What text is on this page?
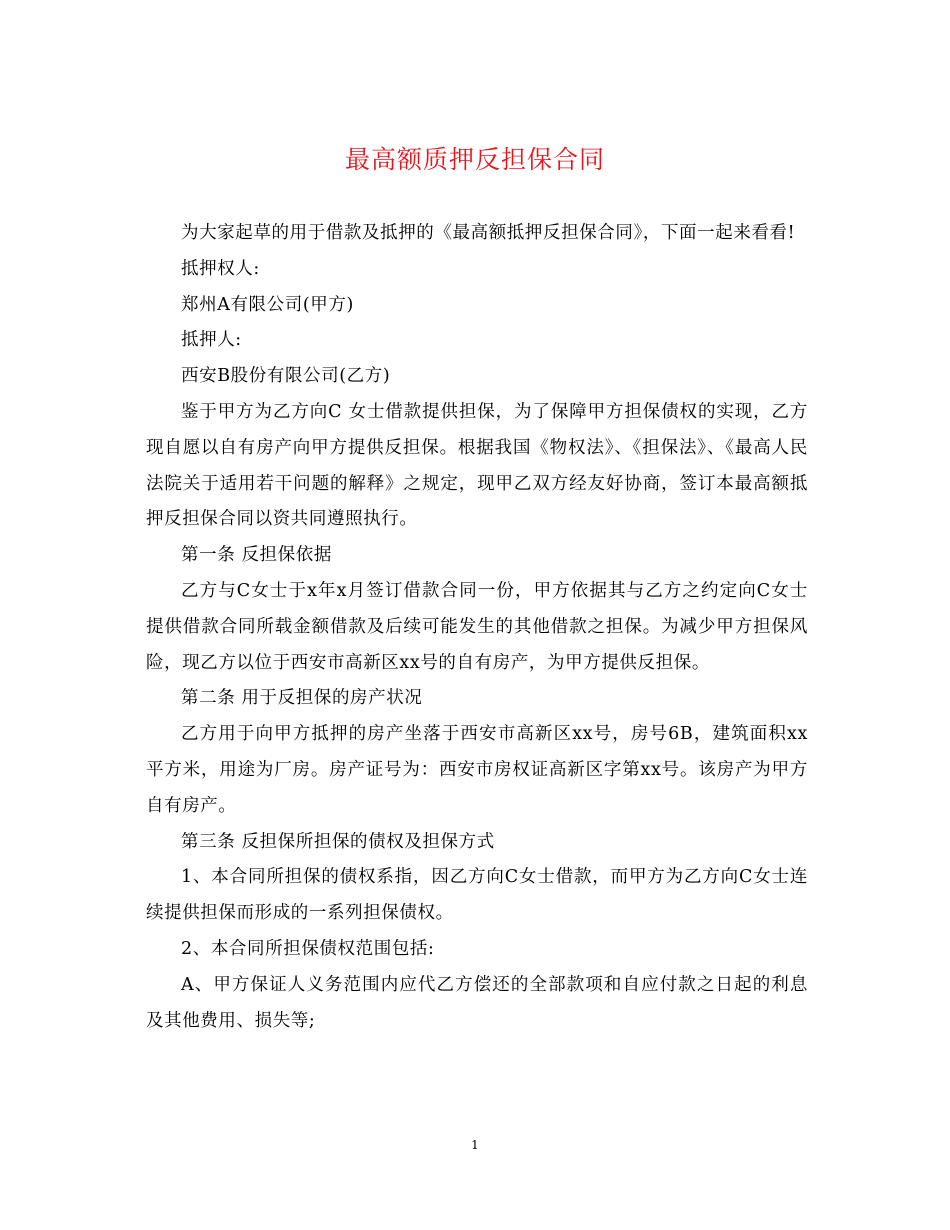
最高额质押反担保合同

为大家起草的用于借款及抵押的《最高额抵押反担保合同》，下面一起来看看!

抵押权人:

郑州A有限公司(甲方)

抵押人:

西安B股份有限公司(乙方)

鉴于甲方为乙方向C 女士借款提供担保，为了保障甲方担保债权的实现，乙方现自愿以自有房产向甲方提供反担保。根据我国《物权法》、《担保法》、《最高人民法院关于适用若干问题的解释》之规定，现甲乙双方经友好协商，签订本最高额抵押反担保合同以资共同遵照执行。

第一条 反担保依据

乙方与C女士于x年x月签订借款合同一份，甲方依据其与乙方之约定向C女士提供借款合同所载金额借款及后续可能发生的其他借款之担保。为减少甲方担保风险，现乙方以位于西安市高新区xx号的自有房产，为甲方提供反担保。

第二条 用于反担保的房产状况

乙方用于向甲方抵押的房产坐落于西安市高新区xx号，房号6B，建筑面积xx平方米，用途为厂房。房产证号为：西安市房权证高新区字第xx号。该房产为甲方自有房产。

第三条 反担保所担保的债权及担保方式

1、本合同所担保的债权系指，因乙方向C女士借款，而甲方为乙方向C女士连续提供担保而形成的一系列担保债权。

2、本合同所担保债权范围包括:

A、甲方保证人义务范围内应代乙方偿还的全部款项和自应付款之日起的利息及其他费用、损失等;

1
